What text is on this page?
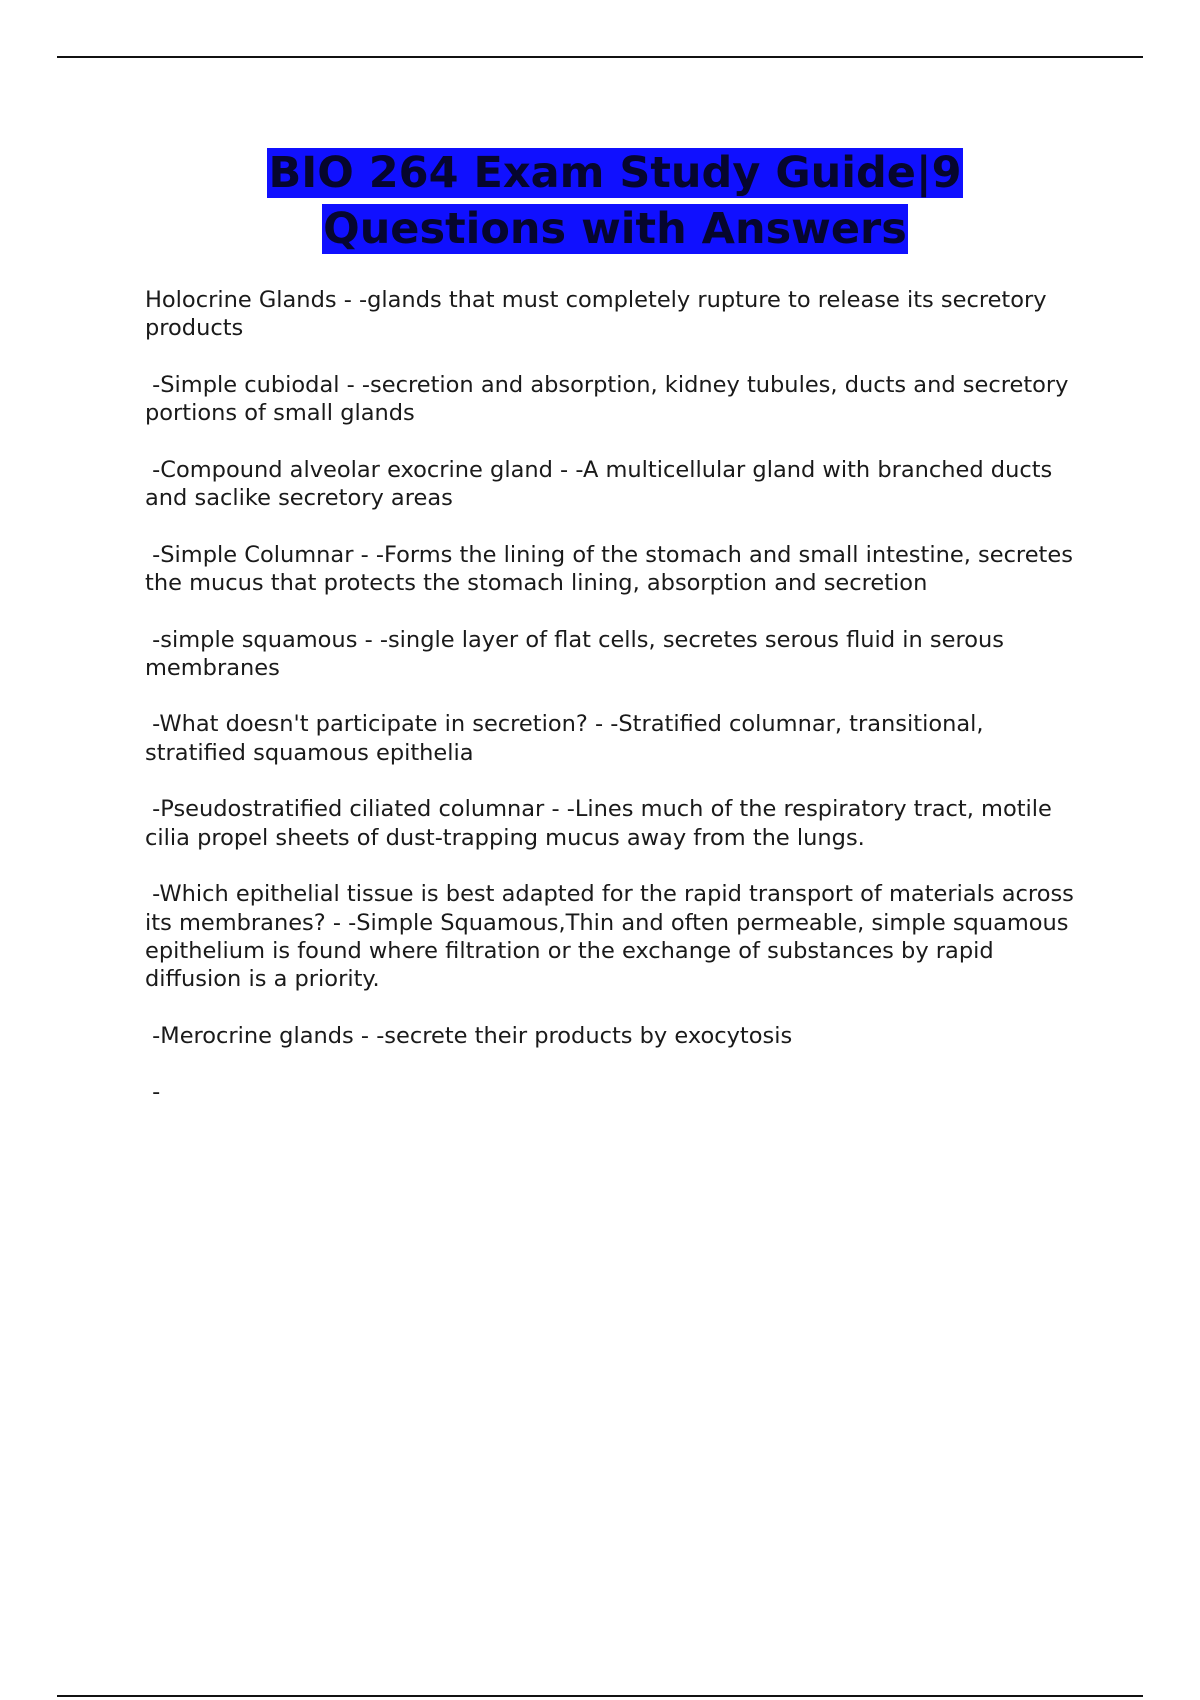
BIO 264 Exam Study Guide|9 Questions with Answers

Holocrine Glands - -glands that must completely rupture to release its secretory products

-Simple cubiodal - -secretion and absorption, kidney tubules, ducts and secretory portions of small glands

-Compound alveolar exocrine gland - -A multicellular gland with branched ducts and saclike secretory areas

-Simple Columnar - -Forms the lining of the stomach and small intestine, secretes the mucus that protects the stomach lining, absorption and secretion

-simple squamous - -single layer of flat cells, secretes serous fluid in serous membranes

-What doesn't participate in secretion? - -Stratified columnar, transitional, stratified squamous epithelia

-Pseudostratified ciliated columnar - -Lines much of the respiratory tract, motile cilia propel sheets of dust-trapping mucus away from the lungs.

-Which epithelial tissue is best adapted for the rapid transport of materials across its membranes? - -Simple Squamous,Thin and often permeable, simple squamous epithelium is found where filtration or the exchange of substances by rapid diffusion is a priority.

-Merocrine glands - -secrete their products by exocytosis

-
